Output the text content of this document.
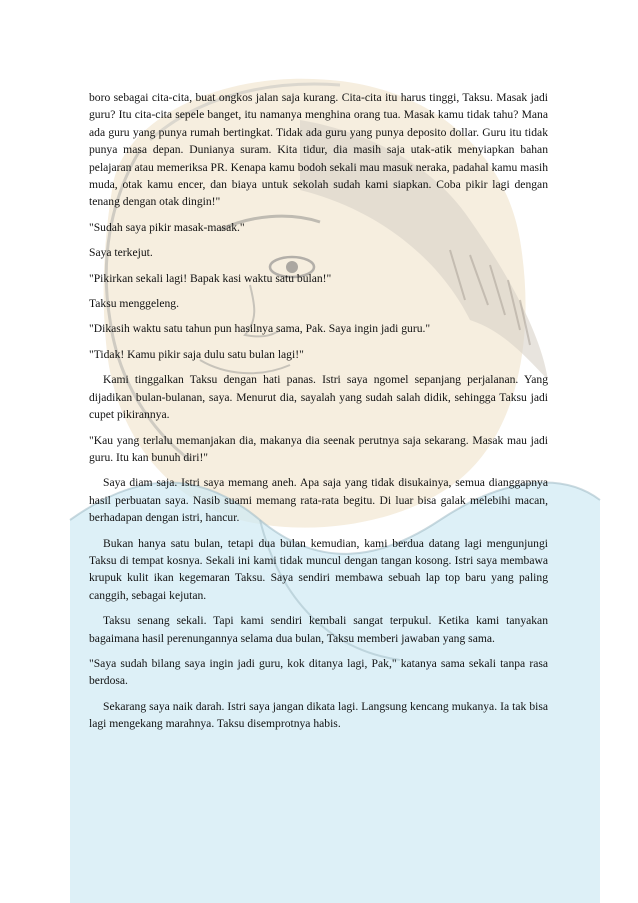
boro sebagai cita-cita, buat ongkos jalan saja kurang. Cita-cita itu harus tinggi, Taksu. Masak jadi guru? Itu cita-cita sepele banget, itu namanya menghina orang tua. Masak kamu tidak tahu? Mana ada guru yang punya rumah bertingkat. Tidak ada guru yang punya deposito dollar. Guru itu tidak punya masa depan. Dunianya suram. Kita tidur, dia masih saja utak-atik menyiapkan bahan pelajaran atau memeriksa PR. Kenapa kamu bodoh sekali mau masuk neraka, padahal kamu masih muda, otak kamu encer, dan biaya untuk sekolah sudah kami siapkan. Coba pikir lagi dengan tenang dengan otak dingin!"

"Sudah saya pikir masak-masak."

Saya terkejut.

"Pikirkan sekali lagi! Bapak kasi waktu satu bulan!"

Taksu menggeleng.

"Dikasih waktu satu tahun pun hasilnya sama, Pak. Saya ingin jadi guru."

"Tidak! Kamu pikir saja dulu satu bulan lagi!"

Kami tinggalkan Taksu dengan hati panas. Istri saya ngomel sepanjang perjalanan. Yang dijadikan bulan-bulanan, saya. Menurut dia, sayalah yang sudah salah didik, sehingga Taksu jadi cupet pikirannya.

"Kau yang terlalu memanjakan dia, makanya dia seenak perutnya saja sekarang. Masak mau jadi guru. Itu kan bunuh diri!"

Saya diam saja. Istri saya memang aneh. Apa saja yang tidak disukainya, semua dianggapnya hasil perbuatan saya. Nasib suami memang rata-rata begitu. Di luar bisa galak melebihi macan, berhadapan dengan istri, hancur.

Bukan hanya satu bulan, tetapi dua bulan kemudian, kami berdua datang lagi mengunjungi Taksu di tempat kosnya. Sekali ini kami tidak muncul dengan tangan kosong. Istri saya membawa krupuk kulit ikan kegemaran Taksu. Saya sendiri membawa sebuah lap top baru yang paling canggih, sebagai kejutan.

Taksu senang sekali. Tapi kami sendiri kembali sangat terpukul. Ketika kami tanyakan bagaimana hasil perenungannya selama dua bulan, Taksu memberi jawaban yang sama.

"Saya sudah bilang saya ingin jadi guru, kok ditanya lagi, Pak," katanya sama sekali tanpa rasa berdosa.

Sekarang saya naik darah. Istri saya jangan dikata lagi. Langsung kencang mukanya. Ia tak bisa lagi mengekang marahnya. Taksu disemprotnya habis.
